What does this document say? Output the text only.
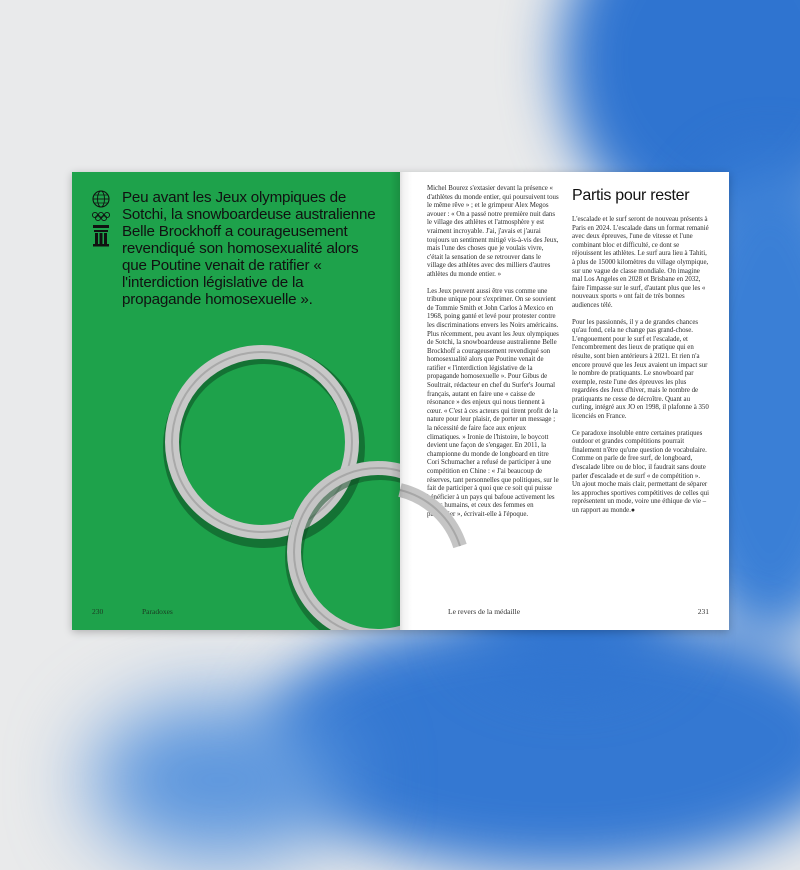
Peu avant les Jeux olympiques de Sotchi, la snowboardeuse australienne Belle Brockhoff a courageusement revendiqué son homosexualité alors que Poutine venait de ratifier « l'interdiction législative de la propagande homosexuelle ».
230	Paradoxes

Michel Bourez s'extasier devant la présence « d'athlètes du monde entier, qui poursuivent tous le même rêve » ; et le grimpeur Alex Megos avouer : « On a passé notre première nuit dans le village des athlètes et l'atmosphère y est vraiment incroyable. J'ai, j'avais et j'aurai toujours un sentiment mitigé vis-à-vis des Jeux, mais l'une des choses que je voulais vivre, c'était la sensation de se retrouver dans le village des athlètes avec des milliers d'autres athlètes du monde entier. »

Les Jeux peuvent aussi être vus comme une tribune unique pour s'exprimer. On se souvient de Tommie Smith et John Carlos à Mexico en 1968, poing ganté et levé pour protester contre les discriminations envers les Noirs américains. Plus récemment, peu avant les Jeux olympiques de Sotchi, la snowboardeuse australienne Belle Brockhoff a courageusement revendiqué son homosexualité alors que Poutine venait de ratifier « l'interdiction législative de la propagande homosexuelle ». Pour Gibus de Soultrait, rédacteur en chef du Surfer's Journal français, autant en faire une « caisse de résonance » des enjeux qui nous tiennent à cœur. « C'est à ces acteurs qui tirent profit de la nature pour leur plaisir, de porter un message ; la nécessité de faire face aux enjeux climatiques. » Ironie de l'histoire, le boycott devient une façon de s'engager. En 2011, la championne du monde de longboard en titre Cori Schumacher a refusé de participer à une compétition en Chine : « J'ai beaucoup de réserves, tant personnelles que politiques, sur le fait de participer à quoi que ce soit qui puisse bénéficier à un pays qui bafoue activement les droits humains, et ceux des femmes en particulier », écrivait-elle à l'époque.

Partis pour rester

L'escalade et le surf seront de nouveau présents à Paris en 2024. L'escalade dans un format remanié avec deux épreuves, l'une de vitesse et l'une combinant bloc et difficulté, ce dont se réjouissent les athlètes. Le surf aura lieu à Tahiti, à plus de 15000 kilomètres du village olympique, sur une vague de classe mondiale. On imagine mal Los Angeles en 2028 et Brisbane en 2032, faire l'impasse sur le surf, d'autant plus que les « nouveaux sports » ont fait de très bonnes audiences télé.

Pour les passionnés, il y a de grandes chances qu'au fond, cela ne change pas grand-chose. L'engouement pour le surf et l'escalade, et l'encombrement des lieux de pratique qui en résulte, sont bien antérieurs à 2021. Et rien n'a encore prouvé que les Jeux avaient un impact sur le nombre de pratiquants. Le snowboard par exemple, reste l'une des épreuves les plus regardées des Jeux d'hiver, mais le nombre de pratiquants ne cesse de décroître. Quant au curling, intégré aux JO en 1998, il plafonne à 350 licenciés en France.

Ce paradoxe insoluble entre certaines pratiques outdoor et grandes compétitions pourrait finalement n'être qu'une question de vocabulaire. Comme on parle de free surf, de longboard, d'escalade libre ou de bloc, il faudrait sans doute parler d'escalade et de surf « de compétition ». Un ajout moche mais clair, permettant de séparer les approches sportives compétitives de celles qui représentent un mode, voire une éthique de vie – un rapport au monde.●

Le revers de la médaille	231
